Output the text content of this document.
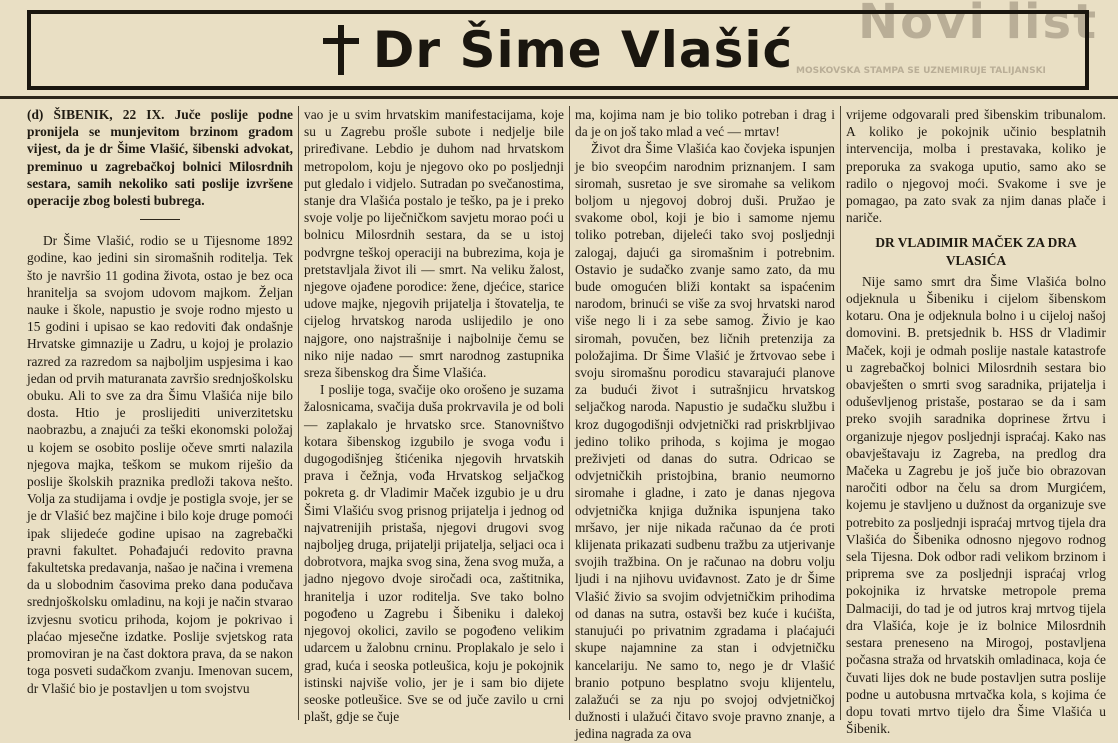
Novi list
MOSKOVSKA STAMPA SE UZNEMIRUJE TALIJANSKI
Dr Šime Vlašić

(d) ŠIBENIK, 22 IX. Juče poslije podne pronijela se munjevitom brzinom gradom vijest, da je dr Šime Vlašić, šibenski advokat, preminuo u zagrebačkoj bolnici Milosrdnih sestara, samih nekoliko sati poslije izvršene operacije zbog bolesti bubrega.

Dr Šime Vlašić, rodio se u Tijesnome 1892 godine, kao jedini sin siromašnih roditelja. Tek što je navršio 11 godina života, ostao je bez oca hranitelja sa svojom udovom majkom. Željan nauke i škole, napustio je svoje rodno mjesto u 15 godini i upisao se kao redoviti đak ondašnje Hrvatske gimnazije u Zadru, u kojoj je prolazio razred za razredom sa najboljim uspjesima i kao jedan od prvih maturanata završio srednjoškolsku obuku. Ali to sve za dra Šimu Vlašića nije bilo dosta. Htio je proslijediti univerzitetsku naobrazbu, a znajući za teški ekonomski položaj u kojem se osobito poslije očeve smrti nalazila njegova majka, teškom se mukom riješio da poslije školskih praznika predloži takova nešto. Volja za studijama i ovdje je postigla svoje, jer se je dr Vlašić bez majčine i bilo koje druge pomoći ipak slijedeće godine upisao na zagrebački pravni fakultet. Pohađajući redovito pravna fakultetska predavanja, našao je načina i vremena da u slobodnim časovima preko dana podučava srednjoškolsku omladinu, na koji je način stvarao izvjesnu svoticu prihoda, kojom je pokrivao i plaćao mjesečne izdatke. Poslije svjetskog rata promoviran je na čast doktora prava, da se nakon toga posveti sudačkom zvanju. Imenovan sucem, dr Vlašić bio je postavljen u tom svojstvu

vao je u svim hrvatskim manifestacijama, koje su u Zagrebu prošle subote i nedjelje bile priređivane. Lebdio je duhom nad hrvatskom metropolom, koju je njegovo oko po posljednji put gledalo i vidjelo. Sutradan po svečanostima, stanje dra Vlašića postalo je teško, pa je i preko svoje volje po liječničkom savjetu morao poći u bolnicu Milosrdnih sestara, da se u istoj podvrgne teškoj operaciji na bubrezima, koja je pretstavljala život ili — smrt. Na veliku žalost, njegove ojađene porodice: žene, djećice, starice udove majke, njegovih prijatelja i štovatelja, te cijelog hrvatskog naroda uslijedilo je ono najgore, ono najstrašnije i najbolnije čemu se niko nije nadao — smrt narodnog zastupnika sreza šibenskog dra Šime Vlašića.

I poslije toga, svačije oko orošeno je suzama žalosnicama, svačija duša prokrvavila je od boli — zaplakalo je hrvatsko srce. Stanovništvo kotara šibenskog izgubilo je svoga vođu i dugogodišnjeg štićenika njegovih hrvatskih prava i čežnja, vođa Hrvatskog seljačkog pokreta g. dr Vladimir Maček izgubio je u dru Šimi Vlašiću svog prisnog prijatelja i jednog od najvatrenijih pristaša, njegovi drugovi svog najboljeg druga, prijatelji prijatelja, seljaci oca i dobrotvora, majka svog sina, žena svog muža, a jadno njegovo dvoje siročadi oca, zaštitnika, hranitelja i uzor roditelja. Sve tako bolno pogođeno u Zagrebu i Šibeniku i dalekoj njegovoj okolici, zavilo se pogođeno velikim udarcem u žalobnu crninu. Proplakalo je selo i grad, kuća i seoska potleušica, koju je pokojnik istinski najviše volio, jer je i sam bio dijete seoske potleušice. Sve se od juče zavilo u crni plašt, gdje se čuje

ma, kojima nam je bio toliko potreban i drag i da je on još tako mlad a već — mrtav!

Život dra Šime Vlašića kao čovjeka ispunjen je bio sveopćim narodnim priznanjem. I sam siromah, susretao je sve siromahe sa velikom boljom u njegovoj dobroj duši. Pružao je svakome obol, koji je bio i samome njemu toliko potreban, dijeleći tako svoj posljednji zalogaj, dajući ga siromašnim i potrebnim. Ostavio je sudačko zvanje samo zato, da mu bude omogućen bliži kontakt sa ispaćenim narodom, brinući se više za svoj hrvatski narod više nego li i za sebe samog. Živio je kao siromah, povučen, bez ličnih pretenzija za položajima. Dr Šime Vlašić je žrtvovao sebe i svoju siromašnu porodicu stavarajući planove za budući život i sutrašnjicu hrvatskog seljačkog naroda. Napustio je sudačku službu i kroz dugogodišnji odvjetnički rad priskrbljivao jedino toliko prihoda, s kojima je mogao preživjeti od danas do sutra. Odricao se odvjetničkih pristojbina, branio neumorno siromahe i gladne, i zato je danas njegova odvjetnička knjiga dužnika ispunjena tako mršavo, jer nije nikada računao da će proti klijenata prikazati sudbenu tražbu za utjerivanje svojih tražbina. On je računao na dobru volju ljudi i na njihovu uviđavnost. Zato je dr Šime Vlašić živio sa svojim odvjetničkim prihodima od danas na sutra, ostavši bez kuće i kućišta, stanujući po privatnim zgradama i plaćajući skupe najamnine za stan i odvjetničku kancelariju. Ne samo to, nego je dr Vlašić branio potpuno besplatno svoju klijentelu, zalažući se za nju po svojoj odvjetničkoj dužnosti i ulažući čitavo svoje pravno znanje, a jedina nagrada za ova

vrijeme odgovarali pred šibenskim tribunalom. A koliko je pokojnik učinio besplatnih intervencija, molba i prestavaka, koliko je preporuka za svakoga uputio, samo ako se radilo o njegovoj moći. Svakome i sve je pomagao, pa zato svak za njim danas plače i nariče.

DR VLADIMIR MAČEK ZA DRA VLASIĆA

Nije samo smrt dra Šime Vlašića bolno odjeknula u Šibeniku i cijelom šibenskom kotaru. Ona je odjeknula bolno i u cijeloj našoj domovini. B. pretsjednik b. HSS dr Vladimir Maček, koji je odmah poslije nastale katastrofe u zagrebačkoj bolnici Milosrdnih sestara bio obavješten o smrti svog saradnika, prijatelja i oduševljenog pristaše, postarao se da i sam preko svojih saradnika doprinese žrtvu i organizuje njegov posljednji ispraćaj. Kako nas obavještavaju iz Zagreba, na predlog dra Mačeka u Zagrebu je još juče bio obrazovan naročiti odbor na čelu sa drom Murgićem, kojemu je stavljeno u dužnost da organizuje sve potrebito za posljednji ispraćaj mrtvog tijela dra Vlašića do Šibenika odnosno njegovo rodnog sela Tijesna. Dok odbor radi velikom brzinom i priprema sve za posljednji ispraćaj vrlog pokojnika iz hrvatske metropole prema Dalmaciji, do tad je od jutros kraj mrtvog tijela dra Vlašića, koje je iz bolnice Milosrdnih sestara preneseno na Mirogoj, postavljena počasna straža od hrvatskih omladinaca, koja će čuvati lijes dok ne bude postavljen sutra poslije podne u autobusna mrtvačka kola, s kojima će dopu tovati mrtvo tijelo dra Šime Vlašića u Šibenik.
